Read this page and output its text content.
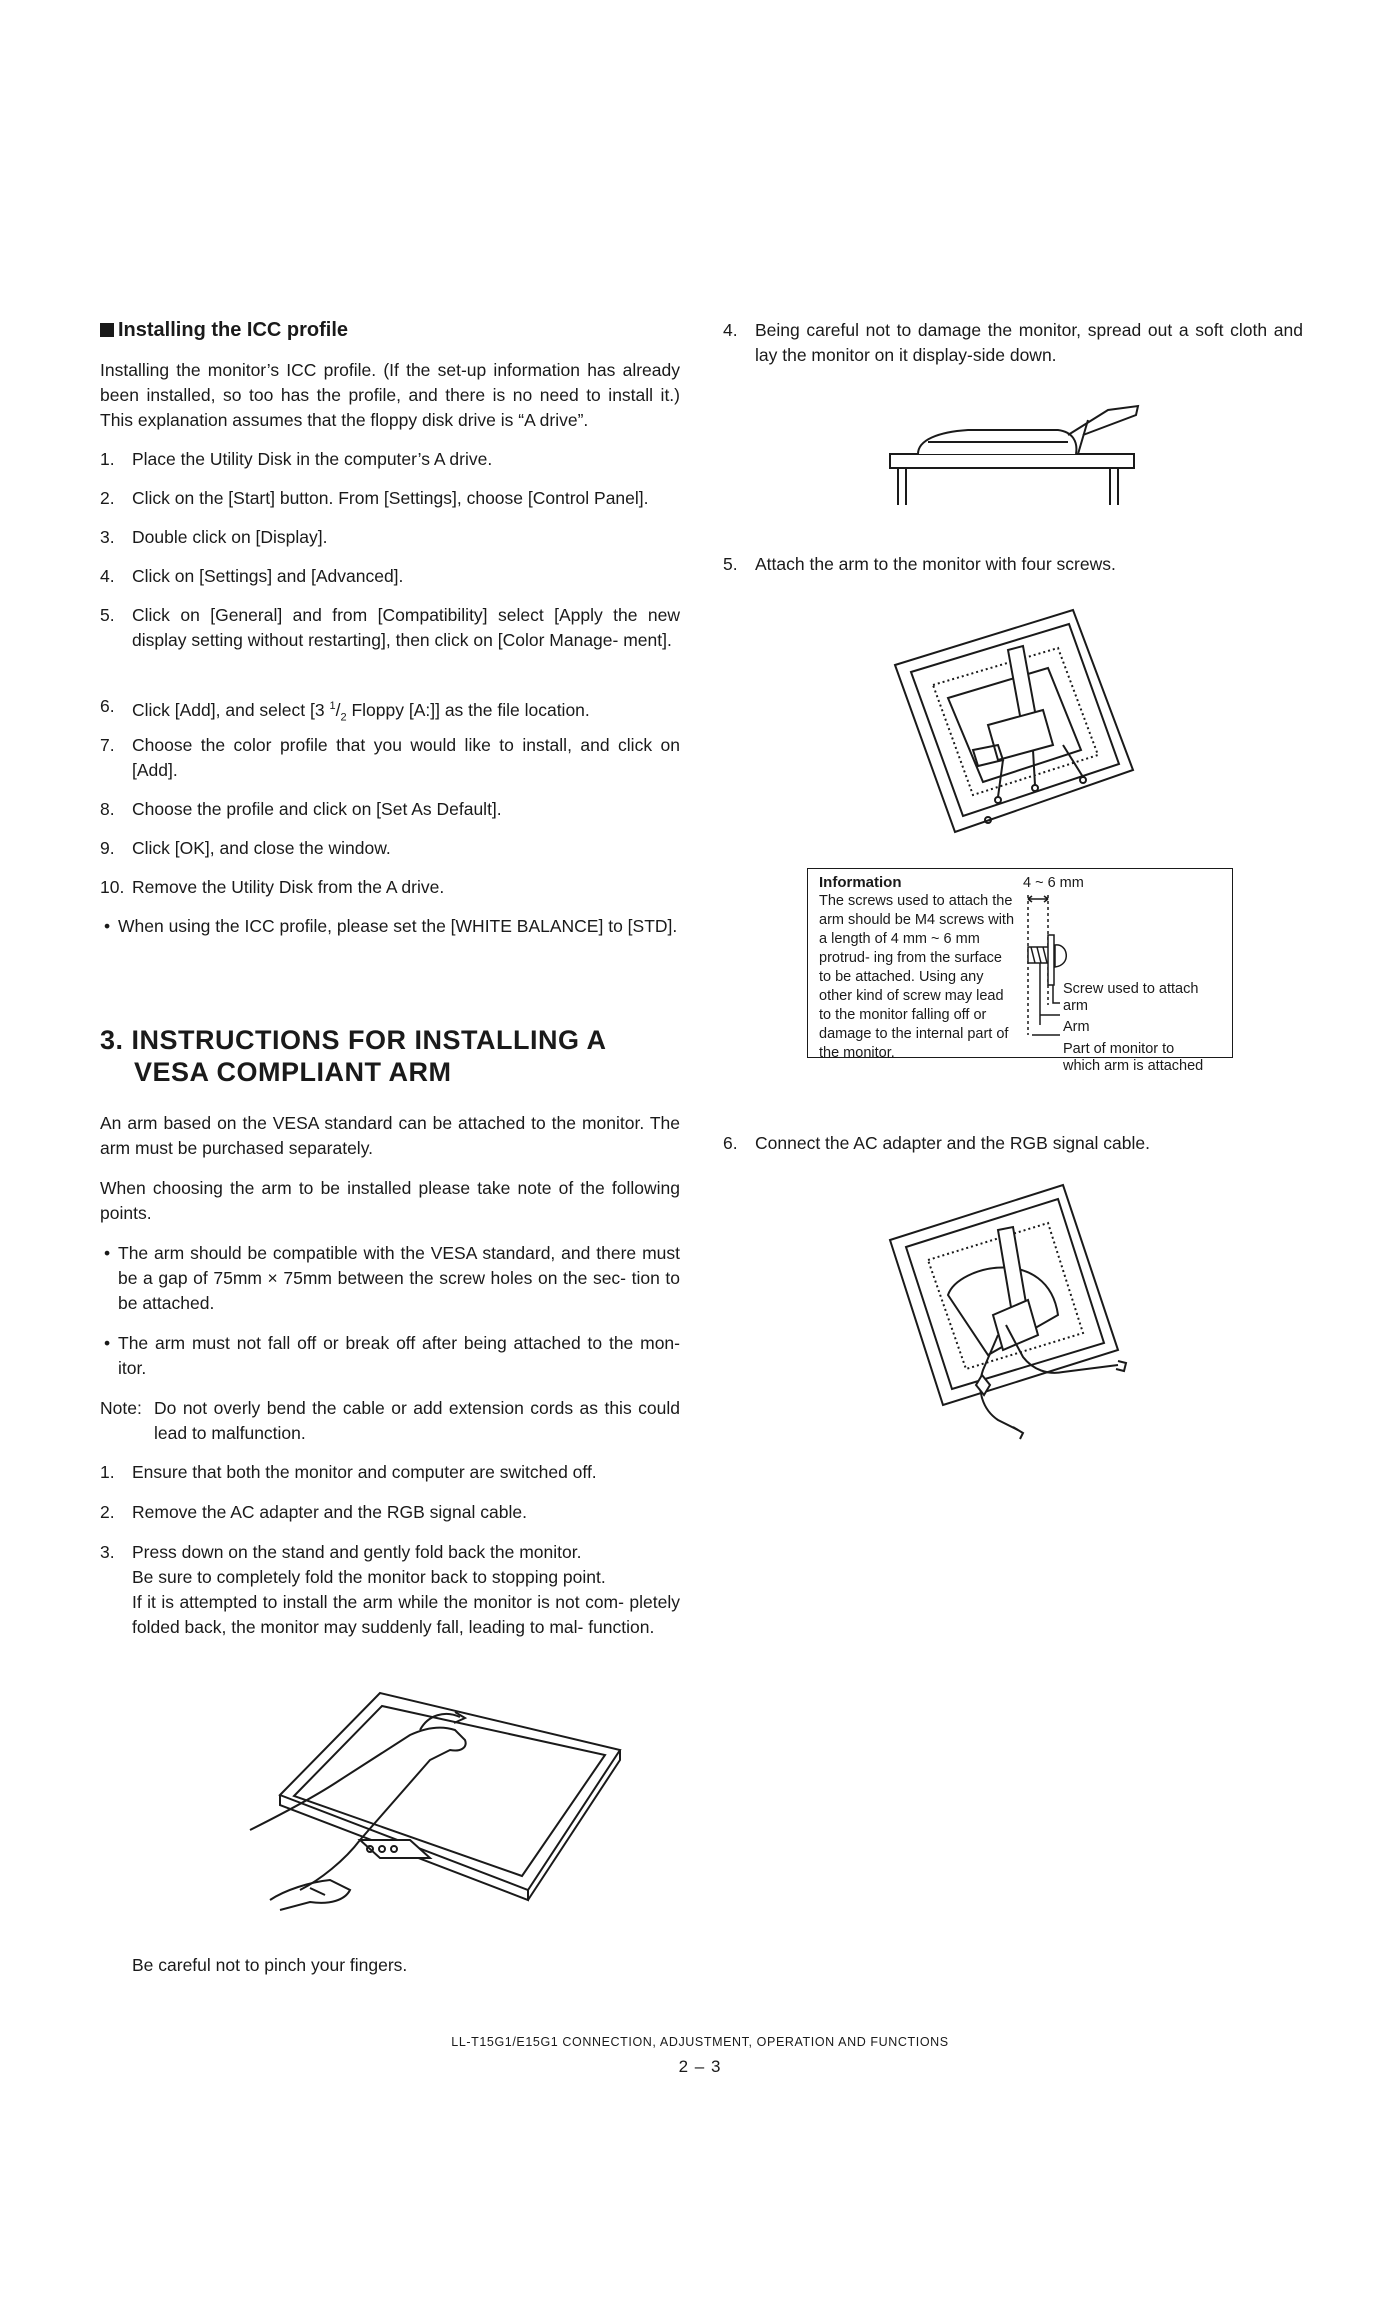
Installing the ICC profile
Installing the monitor’s ICC profile. (If the set-up information has already been installed, so too has the profile, and there is no need to install it.) This explanation assumes that the floppy disk drive is “A drive”.
1. Place the Utility Disk in the computer’s A drive.
2. Click on the [Start] button. From [Settings], choose [Control Panel].
3. Double click on [Display].
4. Click on [Settings] and [Advanced].
5. Click on [General] and from [Compatibility] select [Apply the new display setting without restarting], then click on [Color Manage- ment].
6. Click [Add], and select [3 $^1/_2$ Floppy [A:]] as the file location.
7. Choose the color profile that you would like to install, and click on [Add].
8. Choose the profile and click on [Set As Default].
9. Click [OK], and close the window.
10. Remove the Utility Disk from the A drive.
• When using the ICC profile, please set the [WHITE BALANCE] to [STD].
3. INSTRUCTIONS FOR INSTALLING A
VESA COMPLIANT ARM
An arm based on the VESA standard can be attached to the monitor. The arm must be purchased separately.
When choosing the arm to be installed please take note of the following points.
• The arm should be compatible with the VESA standard, and there must be a gap of 75mm × 75mm between the screw holes on the sec- tion to be attached.
• The arm must not fall off or break off after being attached to the mon- itor.
Note: Do not overly bend the cable or add extension cords as this could lead to malfunction.
1. Ensure that both the monitor and computer are switched off.
2. Remove the AC adapter and the RGB signal cable.
3. Press down on the stand and gently fold back the monitor.
Be sure to completely fold the monitor back to stopping point.
If it is attempted to install the arm while the monitor is not com- pletely folded back, the monitor may suddenly fall, leading to mal- function.
Be careful not to pinch your fingers.
4. Being careful not to damage the monitor, spread out a soft cloth and lay the monitor on it display-side down.
5. Attach the arm to the monitor with four screws.
Information
The screws used to attach the arm should be M4 screws with a length of 4 mm ~ 6 mm protrud- ing from the surface to be attached. Using any other kind of screw may lead to the monitor falling off or damage to the internal part of the monitor.
4 ~ 6 mm
Screw used to attach arm
Arm
Part of monitor to which arm is attached
6. Connect the AC adapter and the RGB signal cable.
LL-T15G1/E15G1 CONNECTION, ADJUSTMENT, OPERATION AND FUNCTIONS
2 – 3
